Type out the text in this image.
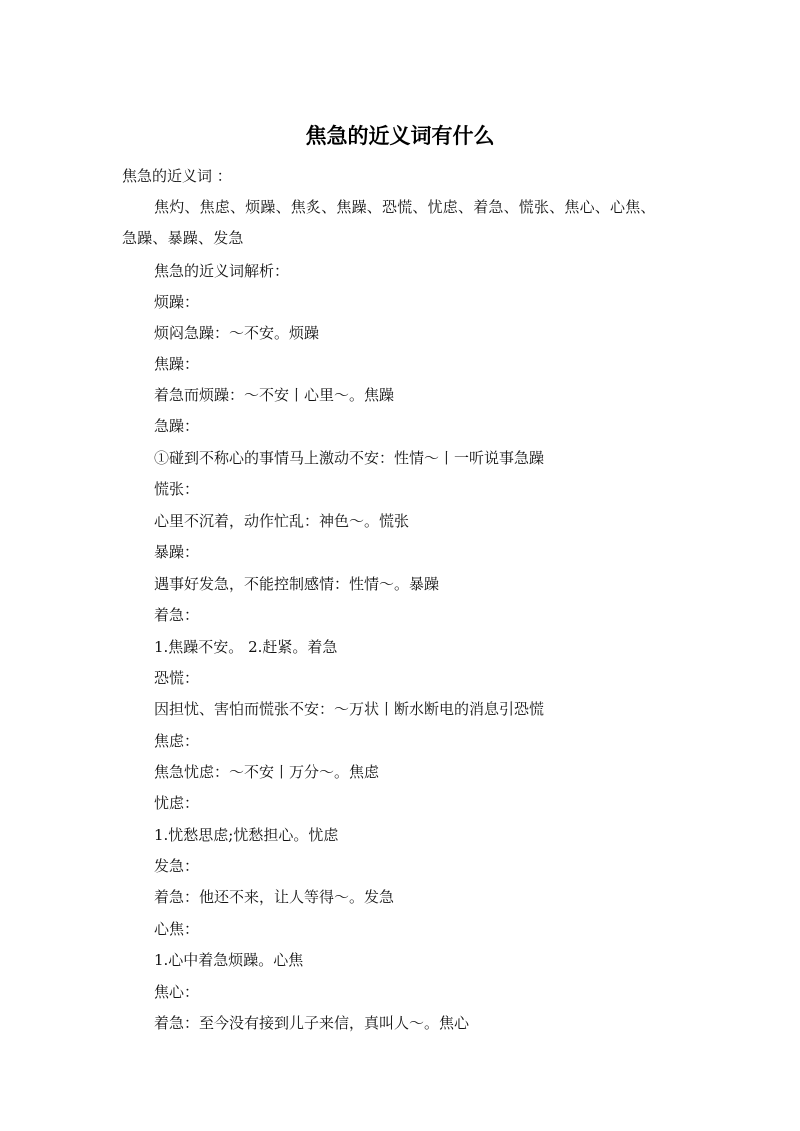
焦急的近义词有什么
焦急的近义词 ：
焦灼、焦虑、烦躁、焦炙、焦躁、恐慌、忧虑、着急、慌张、焦心、心焦、急躁、暴躁、发急
焦急的近义词解析：
烦躁：
烦闷急躁：～不安。烦躁
焦躁：
着急而烦躁：～不安丨心里～。焦躁
急躁：
①碰到不称心的事情马上激动不安：性情～丨一听说事急躁
慌张：
心里不沉着，动作忙乱：神色～。慌张
暴躁：
遇事好发急，不能控制感情：性情～。暴躁
着急：
1.焦躁不安。 2.赶紧。着急
恐慌：
因担忧、害怕而慌张不安：～万状丨断水断电的消息引恐慌
焦虑：
焦急忧虑：～不安丨万分～。焦虑
忧虑：
1.忧愁思虑;忧愁担心。忧虑
发急：
着急：他还不来，让人等得～。发急
心焦：
1.心中着急烦躁。心焦
焦心：
着急：至今没有接到儿子来信，真叫人～。焦心
